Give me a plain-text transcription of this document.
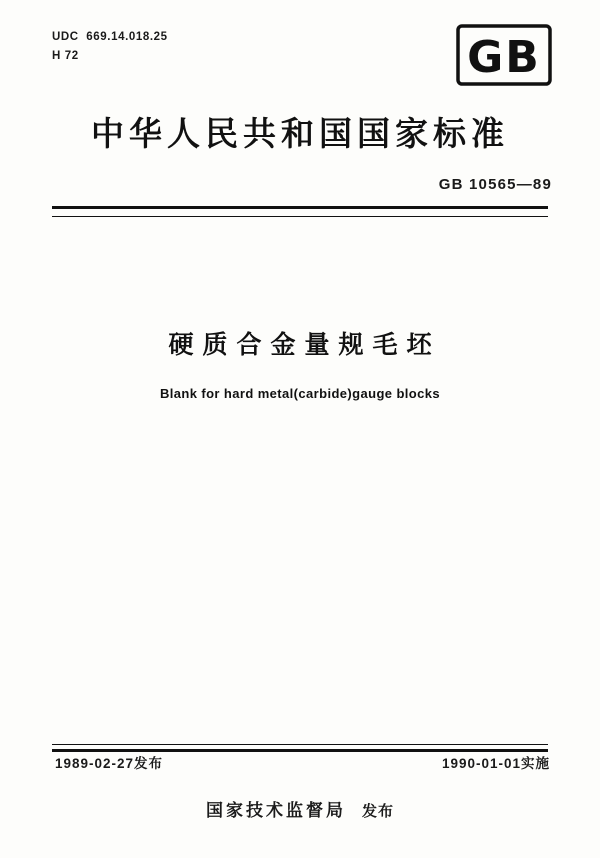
UDC  669.14.018.25
H 72	GB
中华人民共和国国家标准
GB 10565—89
硬质合金量规毛坯
Blank for hard metal(carbide)gauge blocks
1989-02-27发布	1990-01-01实施
国家技术监督局 发布
